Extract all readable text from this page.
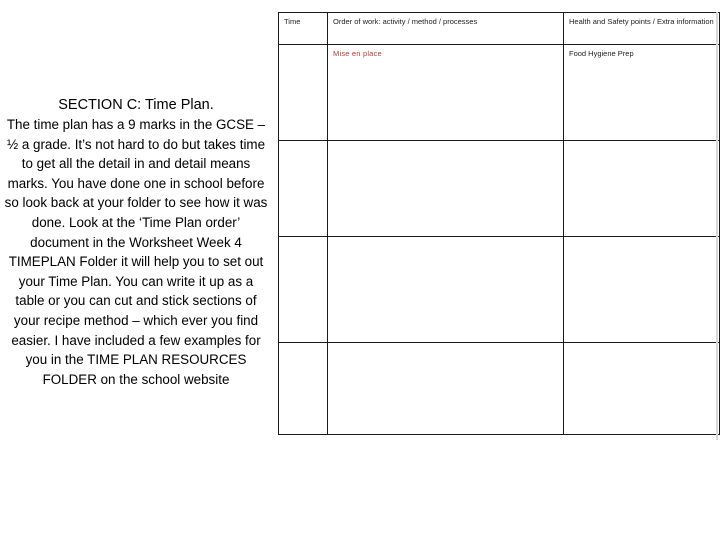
SECTION C: Time Plan.

The time plan has a 9 marks in the GCSE – ½ a grade. It’s not hard to do but takes time to get all the detail in and detail means marks. You have done one in school before so look back at your folder to see how it was done. Look at the ‘Time Plan order’ document in the Worksheet Week 4 TIMEPLAN Folder it will help you to set out your Time Plan. You can write it up as a table or you can cut and stick sections of your recipe method – which ever you find easier. I have included a few examples for you in the TIME PLAN RESOURCES FOLDER on the school website

Time	Order of work: activity / method / processes	Health and Safety points / Extra information
	Mise en place	Food Hygiene Prep
